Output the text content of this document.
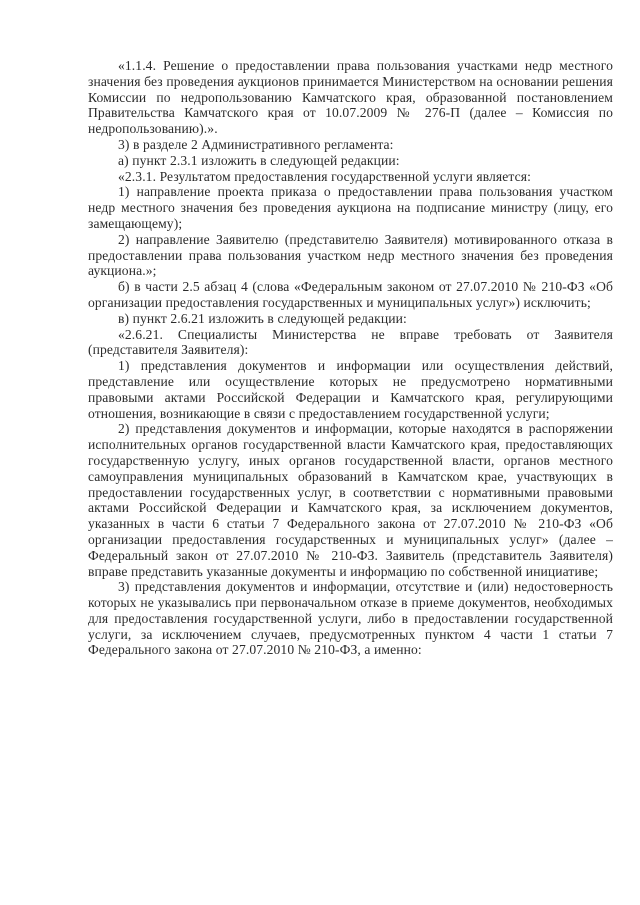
«1.1.4. Решение о предоставлении права пользования участками недр местного значения без проведения аукционов принимается Министерством на основании решения Комиссии по недропользованию Камчатского края, образованной постановлением Правительства Камчатского края от 10.07.2009 № 276-П (далее – Комиссия по недропользованию).».

3) в разделе 2 Административного регламента:

а) пункт 2.3.1 изложить в следующей редакции:

«2.3.1. Результатом предоставления государственной услуги является:

1) направление проекта приказа о предоставлении права пользования участком недр местного значения без проведения аукциона на подписание министру (лицу, его замещающему);

2) направление Заявителю (представителю Заявителя) мотивированного отказа в предоставлении права пользования участком недр местного значения без проведения аукциона.»;

б) в части 2.5 абзац 4 (слова «Федеральным законом от 27.07.2010 № 210-ФЗ «Об организации предоставления государственных и муниципальных услуг») исключить;

в) пункт 2.6.21 изложить в следующей редакции:

«2.6.21. Специалисты Министерства не вправе требовать от Заявителя (представителя Заявителя):

1) представления документов и информации или осуществления действий, представление или осуществление которых не предусмотрено нормативными правовыми актами Российской Федерации и Камчатского края, регулирующими отношения, возникающие в связи с предоставлением государственной услуги;

2) представления документов и информации, которые находятся в распоряжении исполнительных органов государственной власти Камчатского края, предоставляющих государственную услугу, иных органов государственной власти, органов местного самоуправления муниципальных образований в Камчатском крае, участвующих в предоставлении государственных услуг, в соответствии с нормативными правовыми актами Российской Федерации и Камчатского края, за исключением документов, указанных в части 6 статьи 7 Федерального закона от 27.07.2010 № 210-ФЗ «Об организации предоставления государственных и муниципальных услуг» (далее – Федеральный закон от 27.07.2010 № 210-ФЗ. Заявитель (представитель Заявителя) вправе представить указанные документы и информацию по собственной инициативе;

3) представления документов и информации, отсутствие и (или) недостоверность которых не указывались при первоначальном отказе в приеме документов, необходимых для предоставления государственной услуги, либо в предоставлении государственной услуги, за исключением случаев, предусмотренных пунктом 4 части 1 статьи 7 Федерального закона от 27.07.2010 № 210-ФЗ, а именно:
